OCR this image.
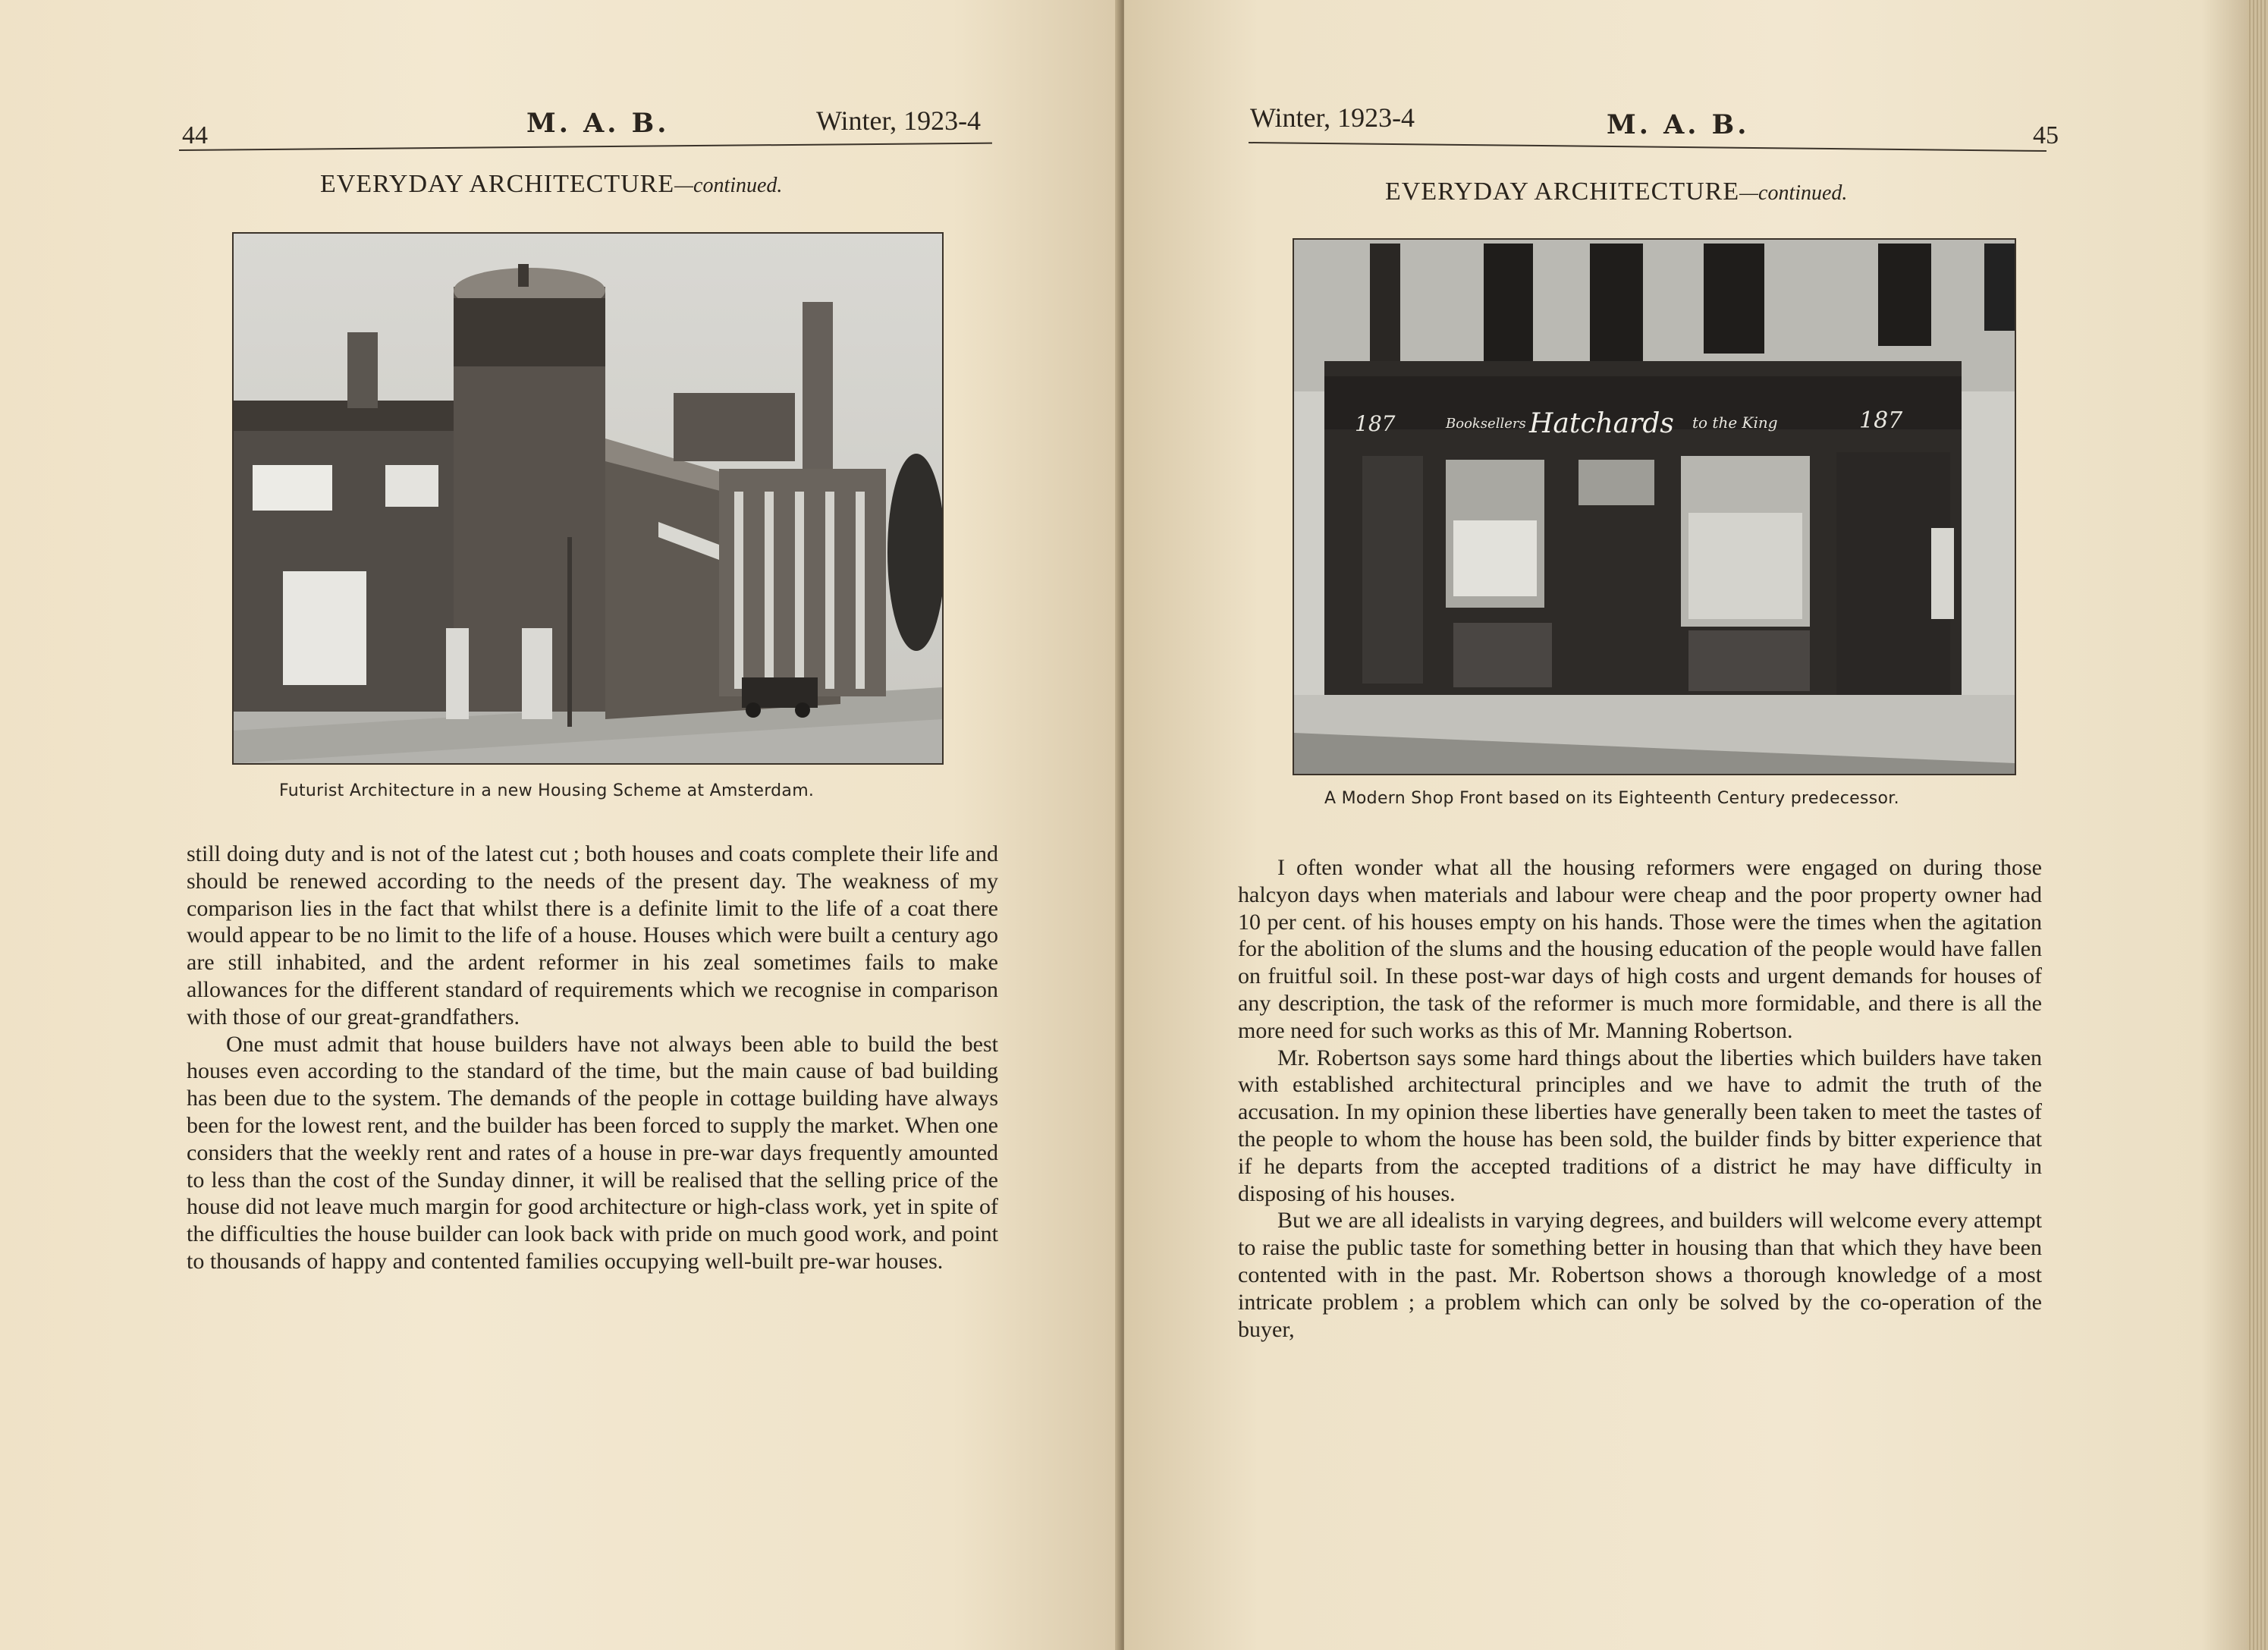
44	M. A. B.	Winter, 1923-4
EVERYDAY ARCHITECTURE—continued.
Futurist Architecture in a new Housing Scheme at Amsterdam.

still doing duty and is not of the latest cut ; both houses and coats complete their life and should be renewed according to the needs of the present day. The weakness of my comparison lies in the fact that whilst there is a definite limit to the life of a coat there would appear to be no limit to the life of a house. Houses which were built a century ago are still inhabited, and the ardent reformer in his zeal sometimes fails to make allowances for the different standard of requirements which we recognise in comparison with those of our great-grandfathers.

One must admit that house builders have not always been able to build the best houses even according to the standard of the time, but the main cause of bad building has been due to the system. The demands of the people in cottage building have always been for the lowest rent, and the builder has been forced to supply the market. When one considers that the weekly rent and rates of a house in pre-war days frequently amounted to less than the cost of the Sunday dinner, it will be realised that the selling price of the house did not leave much margin for good architecture or high-class work, yet in spite of the difficulties the house builder can look back with pride on much good work, and point to thousands of happy and contented families occupying well-built pre-war houses.

Winter, 1923-4	M. A. B.	45
EVERYDAY ARCHITECTURE—continued.
187	Booksellers Hatchards to the King	187
A Modern Shop Front based on its Eighteenth Century predecessor.

I often wonder what all the housing reformers were engaged on during those halcyon days when materials and labour were cheap and the poor property owner had 10 per cent. of his houses empty on his hands. Those were the times when the agitation for the abolition of the slums and the housing education of the people would have fallen on fruitful soil. In these post-war days of high costs and urgent demands for houses of any description, the task of the reformer is much more formidable, and there is all the more need for such works as this of Mr. Manning Robertson.

Mr. Robertson says some hard things about the liberties which builders have taken with established architectural principles and we have to admit the truth of the accusation. In my opinion these liberties have generally been taken to meet the tastes of the people to whom the house has been sold, the builder finds by bitter experience that if he departs from the accepted traditions of a district he may have difficulty in disposing of his houses.

But we are all idealists in varying degrees, and builders will welcome every attempt to raise the public taste for something better in housing than that which they have been contented with in the past. Mr. Robertson shows a thorough knowledge of a most intricate problem ; a problem which can only be solved by the co-operation of the buyer,
